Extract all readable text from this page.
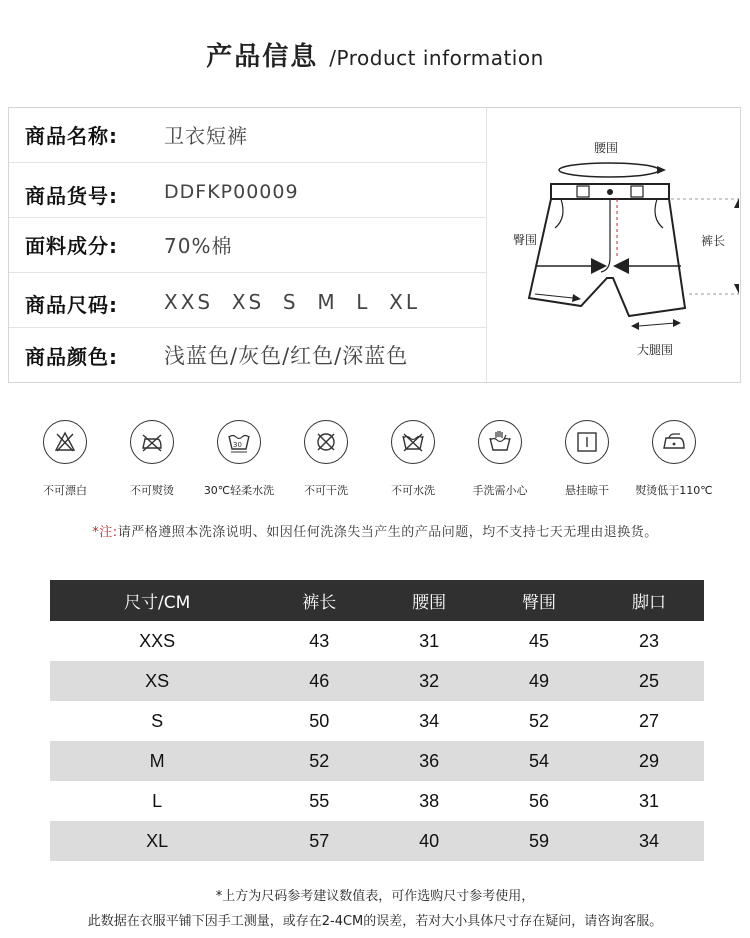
产品信息 /Product information
商品名称: 卫衣短裤
商品货号: DDFKP00009
面料成分: 70%棉
商品尺码: XXS  XS  S  M  L  XL
商品颜色: 浅蓝色/灰色/红色/深蓝色
腰围
臀围	裤长
大腿围
不可漂白	不可熨烫
30
30℃轻柔水洗	不可干洗	不可水洗	手洗需小心	悬挂晾干	熨烫低于110℃
*注:请严格遵照本洗涤说明、如因任何洗涤失当产生的产品问题，均不支持七天无理由退换货。
尺寸/CM	裤长	腰围	臀围	脚口
XXS	43	31	45	23
XS	46	32	49	25
S	50	34	52	27
M	52	36	54	29
L	55	38	56	31
XL	57	40	59	34
*上方为尺码参考建议数值表，可作选购尺寸参考使用，
此数据在衣服平铺下因手工测量，或存在2-4CM的误差，若对大小具体尺寸存在疑问，请咨询客服。
